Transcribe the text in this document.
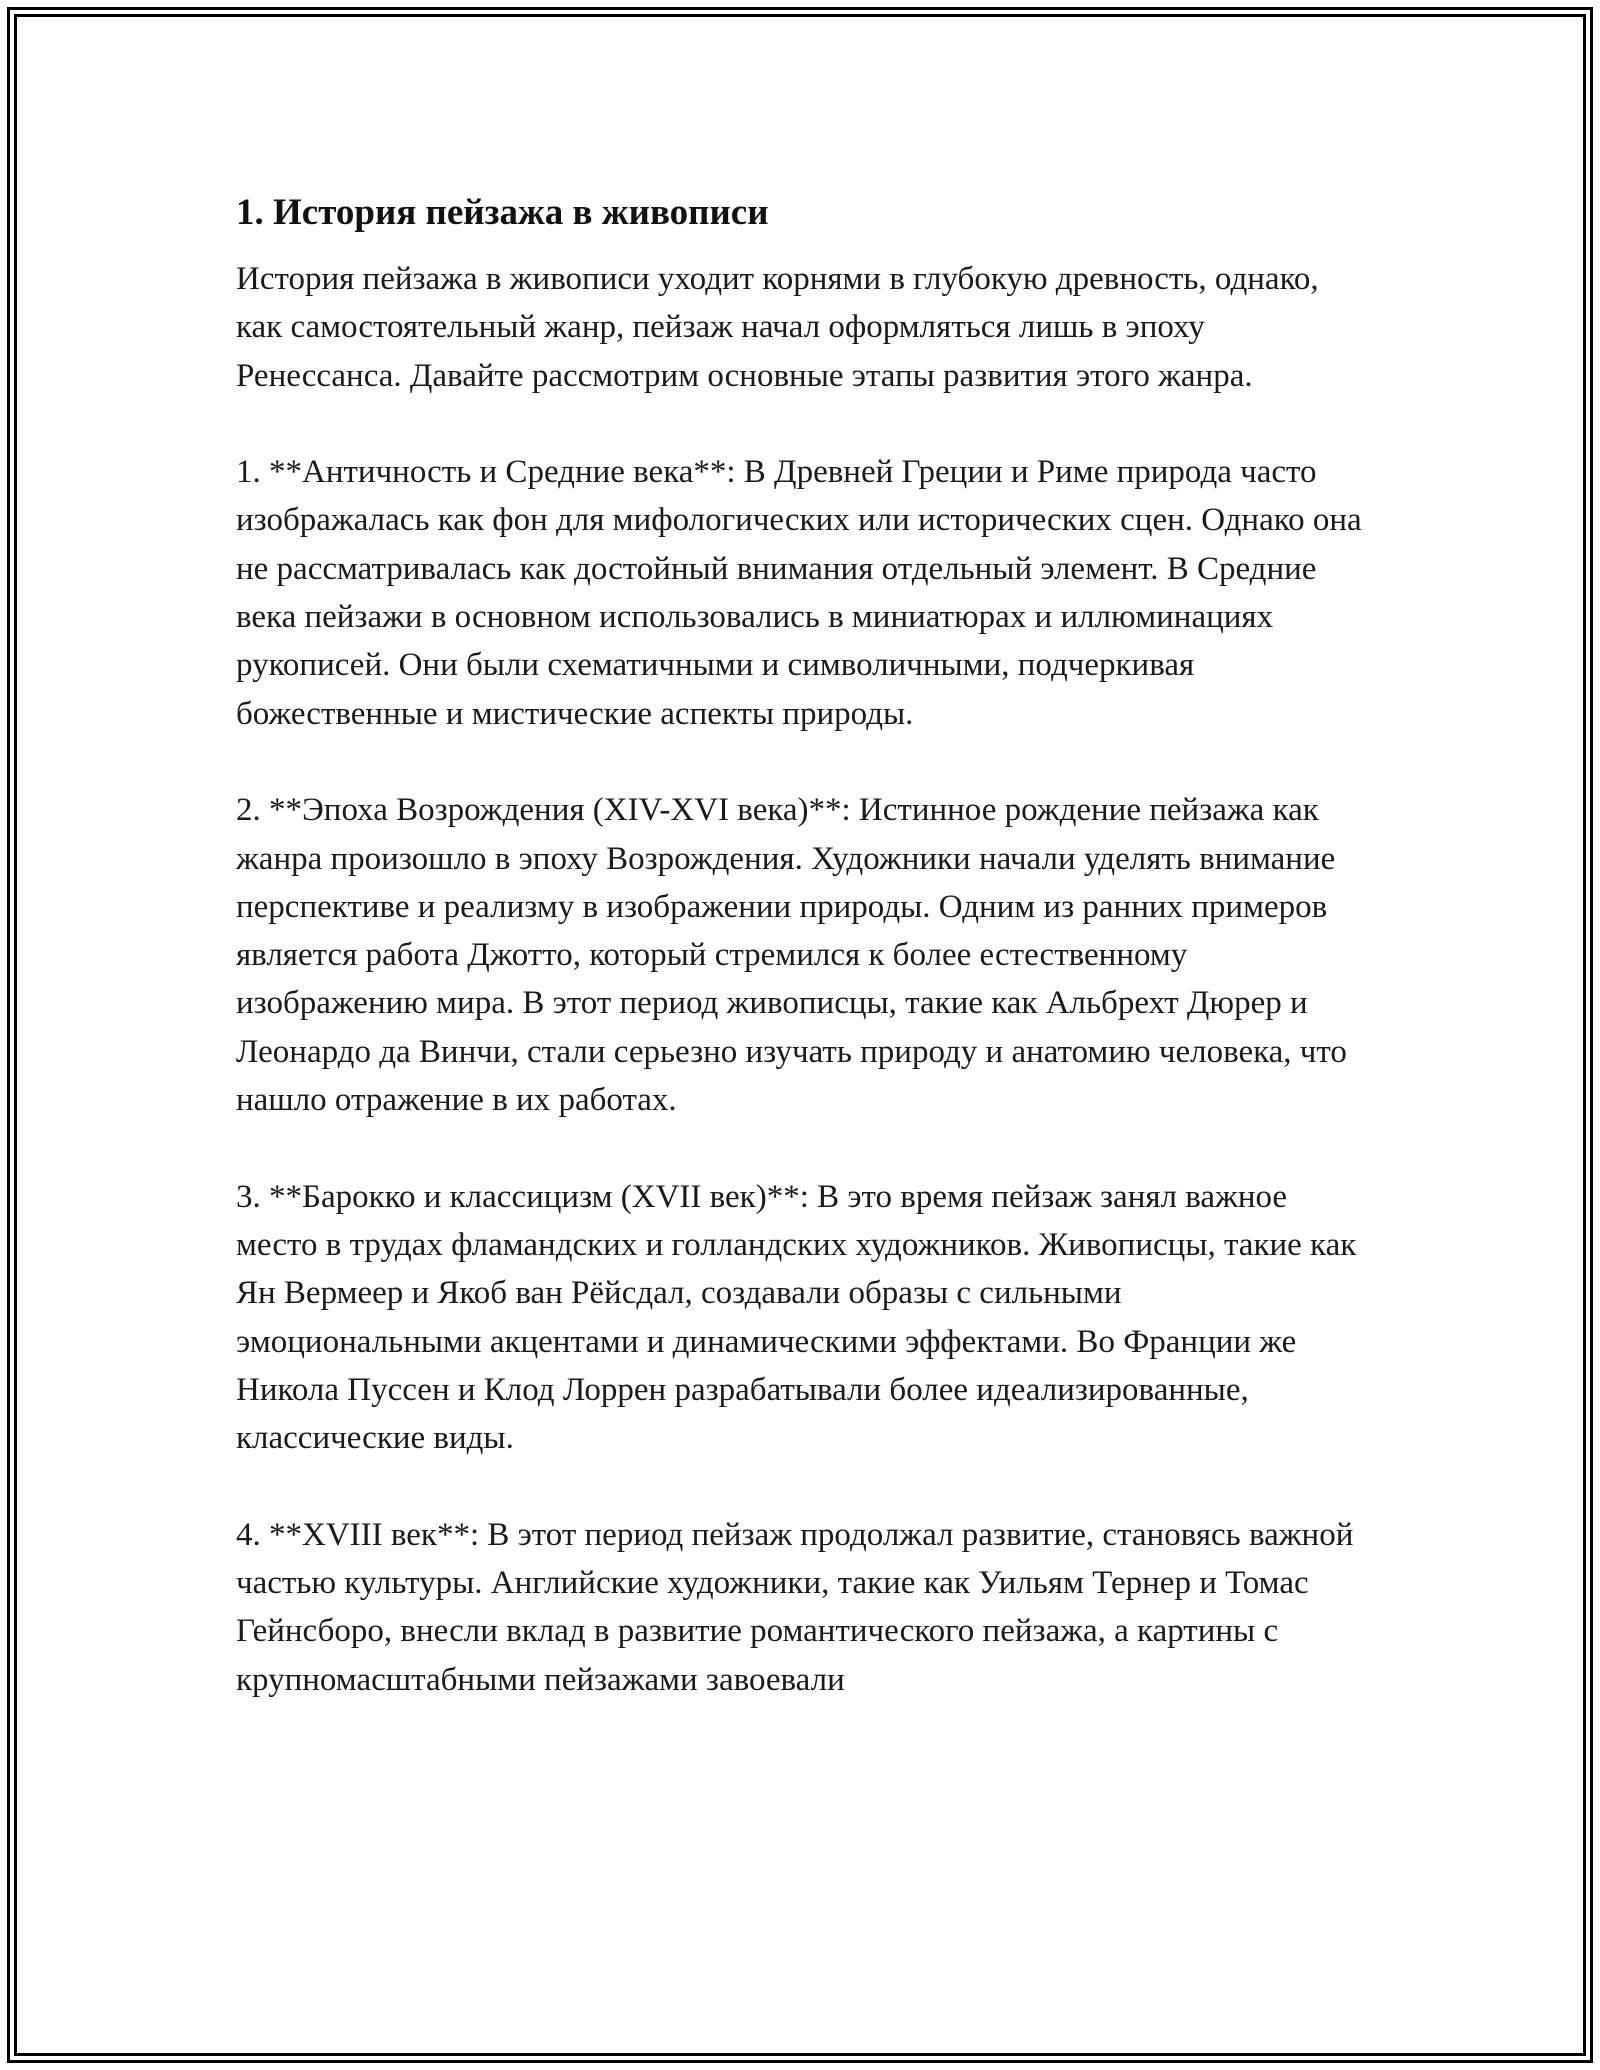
1. История пейзажа в живописи

История пейзажа в живописи уходит корнями в глубокую древность, однако, как самостоятельный жанр, пейзаж начал оформляться лишь в эпоху Ренессанса. Давайте рассмотрим основные этапы развития этого жанра.

1. **Античность и Средние века**: В Древней Греции и Риме природа часто изображалась как фон для мифологических или исторических сцен. Однако она не рассматривалась как достойный внимания отдельный элемент. В Средние века пейзажи в основном использовались в миниатюрах и иллюминациях рукописей. Они были схематичными и символичными, подчеркивая божественные и мистические аспекты природы.

2. **Эпоха Возрождения (XIV-XVI века)**: Истинное рождение пейзажа как жанра произошло в эпоху Возрождения. Художники начали уделять внимание перспективе и реализму в изображении природы. Одним из ранних примеров является работа Джотто, который стремился к более естественному изображению мира. В этот период живописцы, такие как Альбрехт Дюрер и Леонардо да Винчи, стали серьезно изучать природу и анатомию человека, что нашло отражение в их работах.

3. **Барокко и классицизм (XVII век)**: В это время пейзаж занял важное место в трудах фламандских и голландских художников. Живописцы, такие как Ян Вермеер и Якоб ван Рёйсдал, создавали образы с сильными эмоциональными акцентами и динамическими эффектами. Во Франции же Никола Пуссен и Клод Лоррен разрабатывали более идеализированные, классические виды.

4. **XVIII век**: В этот период пейзаж продолжал развитие, становясь важной частью культуры. Английские художники, такие как Уильям Тернер и Томас Гейнсборо, внесли вклад в развитие романтического пейзажа, а картины с крупномасштабными пейзажами завоевали
